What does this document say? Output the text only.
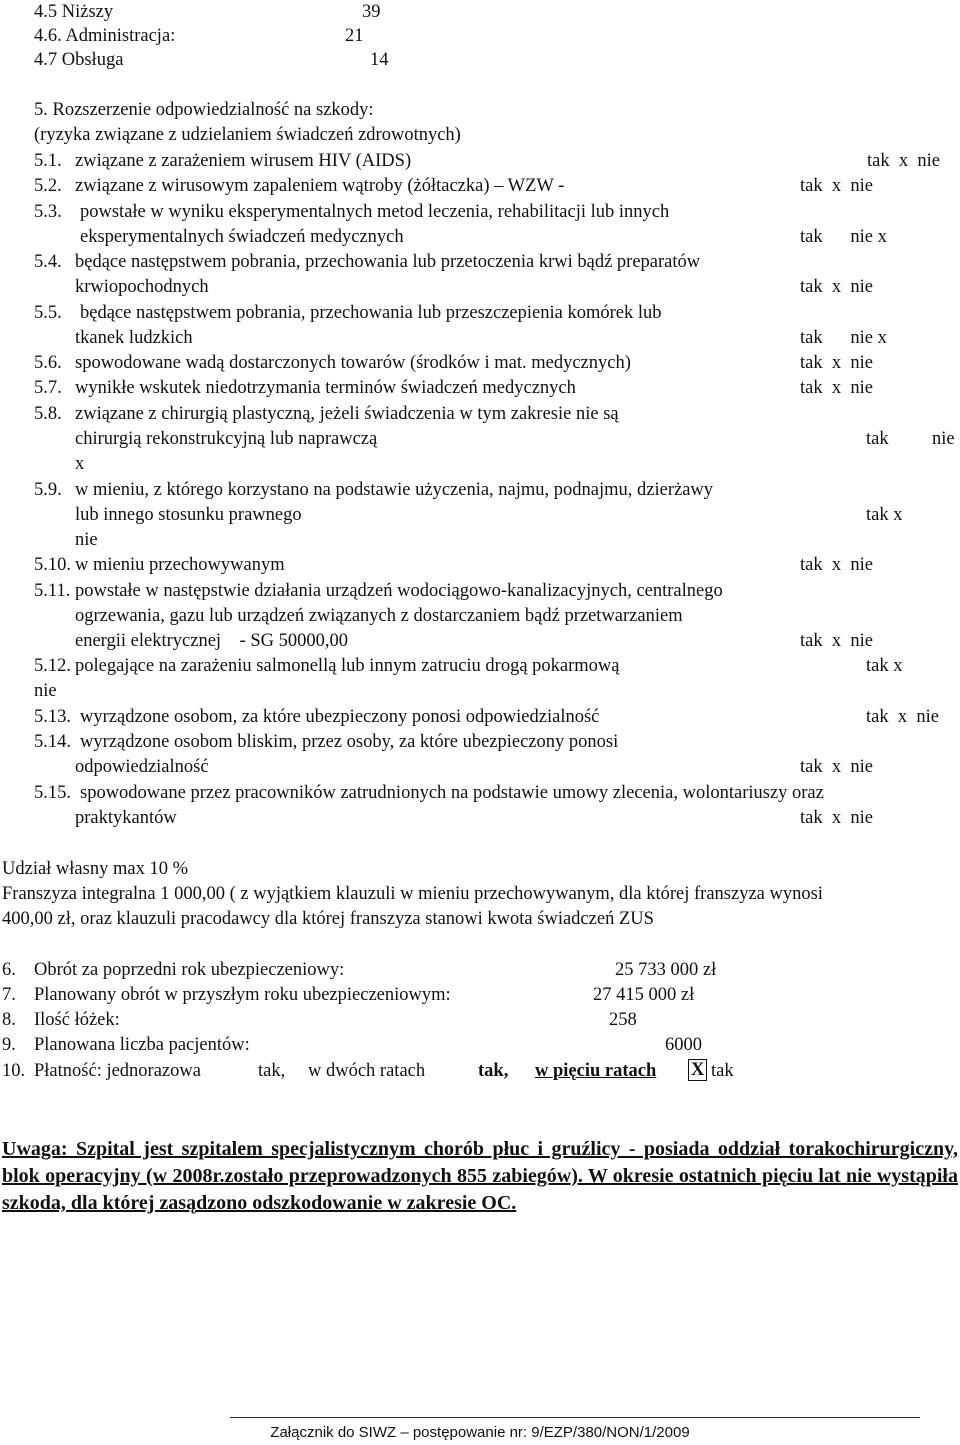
4.5 Niższy	39
4.6. Administracja:	21
4.7 Obsługa	14
5. Rozszerzenie odpowiedzialność na szkody:
(ryzyka związane z udzielaniem świadczeń zdrowotnych)
5.1. związane z zarażeniem wirusem HIV (AIDS)	tak  x  nie
5.2. związane z wirusowym zapaleniem wątroby (żółtaczka) – WZW -	tak  x  nie
5.3. powstałe w wyniku eksperymentalnych metod leczenia, rehabilitacji lub innych
eksperymentalnych świadczeń medycznych	tak      nie x
5.4. będące następstwem pobrania, przechowania lub przetoczenia krwi bądź preparatów
krwiopochodnych	tak  x  nie
5.5. będące następstwem pobrania, przechowania lub przeszczepienia komórek lub
tkanek ludzkich	tak      nie x
5.6. spowodowane wadą dostarczonych towarów (środków i mat. medycznych)	tak  x  nie
5.7. wynikłe wskutek niedotrzymania terminów świadczeń medycznych	tak  x  nie
5.8. związane z chirurgią plastyczną, jeżeli świadczenia w tym zakresie nie są
chirurgią rekonstrukcyjną lub naprawczą	tak nie
x
5.9. w mieniu, z którego korzystano na podstawie użyczenia, najmu, podnajmu, dzierżawy
lub innego stosunku prawnego	tak x
nie
5.10. w mieniu przechowywanym	tak  x  nie
5.11. powstałe w następstwie działania urządzeń wodociągowo-kanalizacyjnych, centralnego
ogrzewania, gazu lub urządzeń związanych z dostarczaniem bądź przetwarzaniem
energii elektrycznej    - SG 50000,00	tak  x  nie
5.12. polegające na zarażeniu salmonellą lub innym zatruciu drogą pokarmową	tak x
nie
5.13. wyrządzone osobom, za które ubezpieczony ponosi odpowiedzialność	tak  x  nie
5.14. wyrządzone osobom bliskim, przez osoby, za które ubezpieczony ponosi
odpowiedzialność	tak  x  nie
5.15. spowodowane przez pracowników zatrudnionych na podstawie umowy zlecenia, wolontariuszy oraz
praktykantów	tak  x  nie
Udział własny max 10 %
Franszyza integralna 1 000,00 ( z wyjątkiem klauzuli w mieniu przechowywanym, dla której franszyza wynosi
400,00 zł, oraz klauzuli pracodawcy dla której franszyza stanowi kwota świadczeń ZUS
6. Obrót za poprzedni rok ubezpieczeniowy:	25 733 000 zł
7. Planowany obrót w przyszłym roku ubezpieczeniowym:	27 415 000 zł
8. Ilość łóżek:	258
9. Planowana liczba pacjentów:	6000
10. Płatność: jednorazowa	tak, w dwóch ratach	tak, w pięciu ratach X tak
Uwaga: Szpital jest szpitalem specjalistycznym chorób płuc i gruźlicy - posiada oddział torakochirurgiczny, blok operacyjny (w 2008r.zostało przeprowadzonych 855 zabiegów). W okresie ostatnich pięciu lat nie wystąpiła szkoda, dla której zasądzono odszkodowanie w zakresie OC.
Załącznik do SIWZ – postępowanie nr: 9/EZP/380/NON/1/2009
